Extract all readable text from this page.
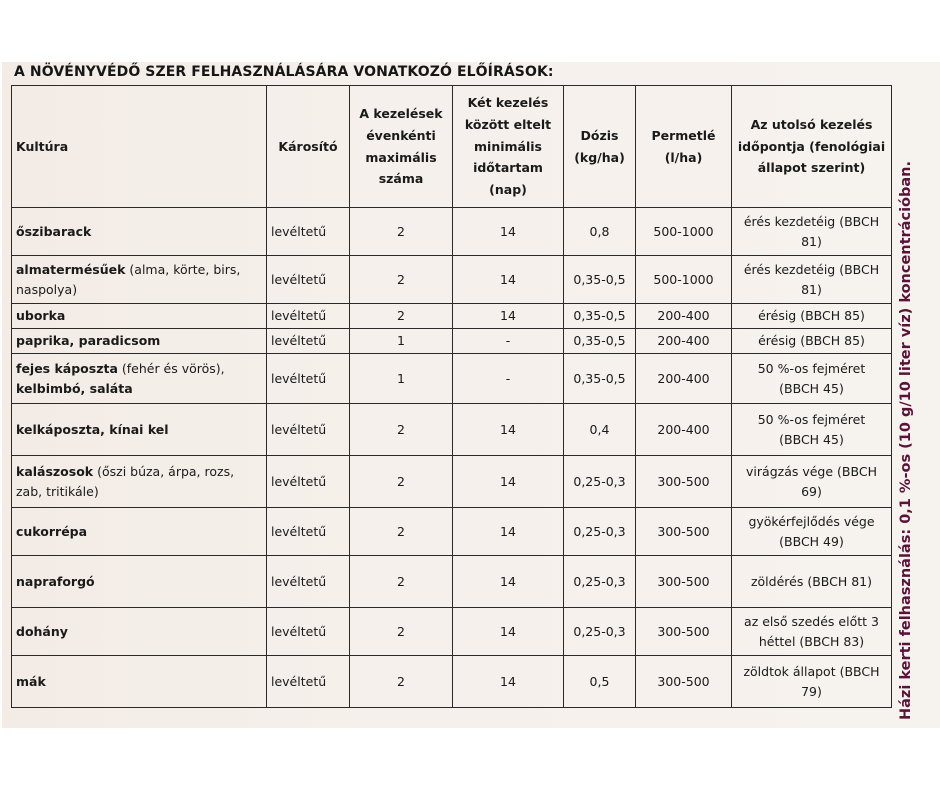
A NÖVÉNYVÉDŐ SZER FELHASZNÁLÁSÁRA VONATKOZÓ ELŐÍRÁSOK:
Kultúra	Károsító	A kezelések évenkénti maximális száma	Két kezelés között eltelt minimális időtartam (nap)	Dózis (kg/ha)	Permetlé (l/ha)	Az utolsó kezelés időpontja (fenológiai állapot szerint)
őszibarack	levéltetű	2	14	0,8	500-1000	érés kezdetéig (BBCH 81)
almatermésűek (alma, körte, birs, naspolya)	levéltetű	2	14	0,35-0,5	500-1000	érés kezdetéig (BBCH 81)
uborka	levéltetű	2	14	0,35-0,5	200-400	érésig (BBCH 85)
paprika, paradicsom	levéltetű	1	-	0,35-0,5	200-400	érésig (BBCH 85)
fejes káposzta (fehér és vörös), kelbimbó, saláta	levéltetű	1	-	0,35-0,5	200-400	50 %-os fejméret (BBCH 45)
kelkáposzta, kínai kel	levéltetű	2	14	0,4	200-400	50 %-os fejméret (BBCH 45)
kalászosok (őszi búza, árpa, rozs, zab, tritikále)	levéltetű	2	14	0,25-0,3	300-500	virágzás vége (BBCH 69)
cukorrépa	levéltetű	2	14	0,25-0,3	300-500	gyökérfejlődés vége (BBCH 49)
napraforgó	levéltetű	2	14	0,25-0,3	300-500	zöldérés (BBCH 81)
dohány	levéltetű	2	14	0,25-0,3	300-500	az első szedés előtt 3 héttel (BBCH 83)
mák	levéltetű	2	14	0,5	300-500	zöldtok állapot (BBCH 79)	Házi kerti felhasználás: 0,1 %-os (10 g/10 liter víz) koncentrációban.
